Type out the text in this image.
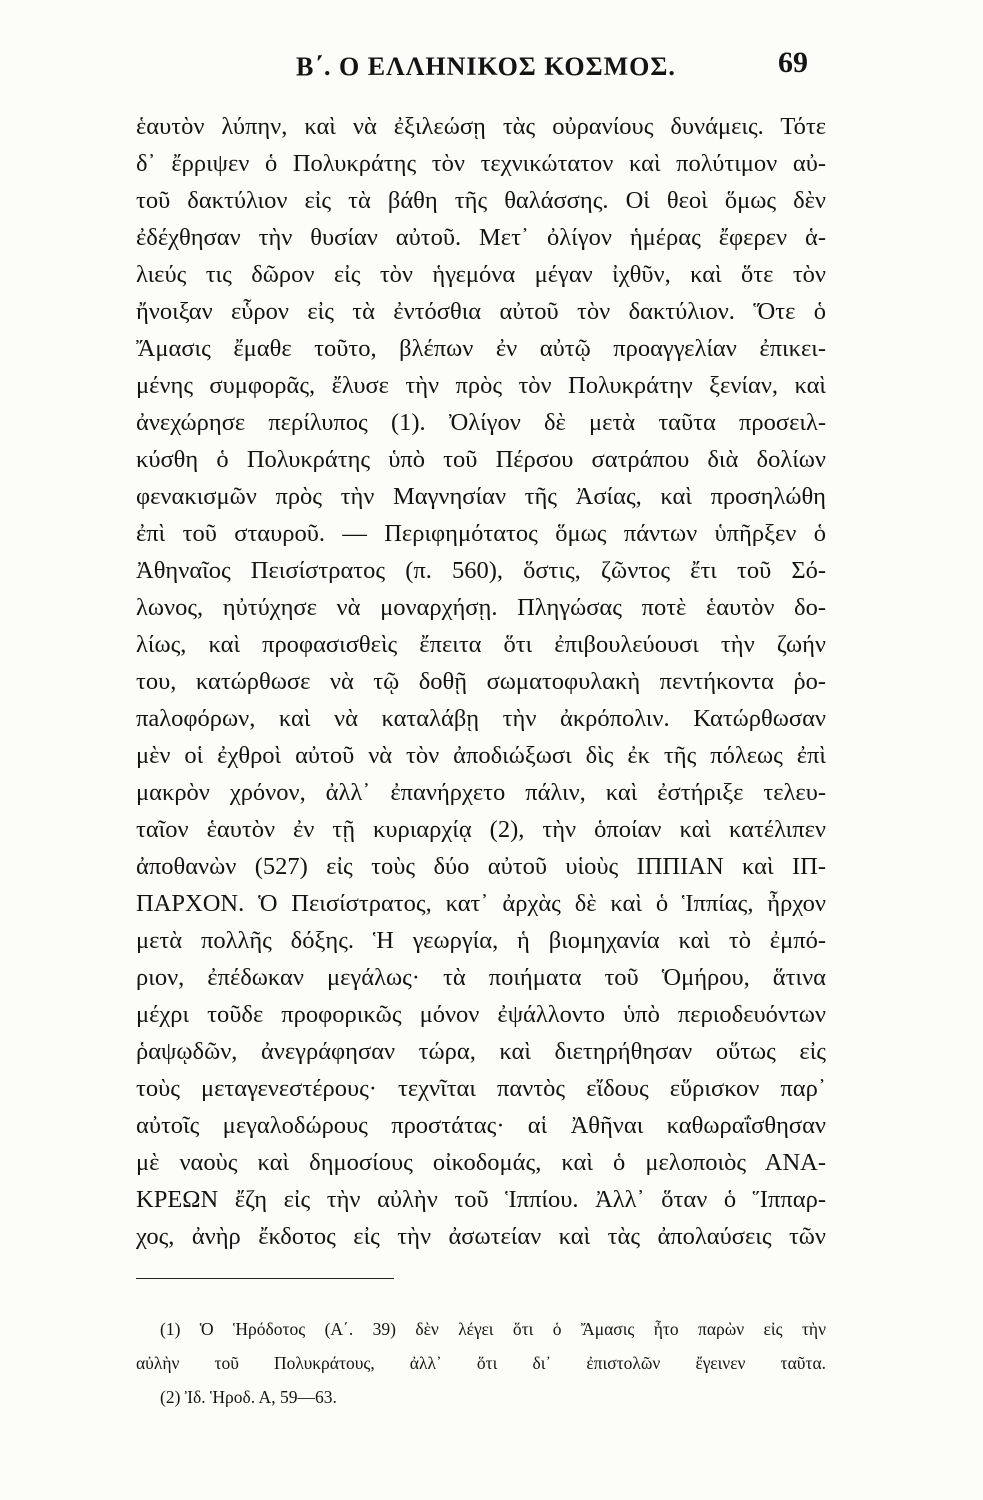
Β΄. Ο ΕΛΛΗΝΙΚΟΣ ΚΟΣΜΟΣ.	69
ἑαυτὸν λύπην, καὶ νὰ ἐξιλεώσῃ τὰς οὐρανίους δυνάμεις. Τότε
δ᾽ ἔρριψεν ὁ Πολυκράτης τὸν τεχνικώτατον καὶ πολύτιμον αὐ-
τοῦ δακτύλιον εἰς τὰ βάθη τῆς θαλάσσης. Οἱ θεοὶ ὅμως δὲν
ἐδέχθησαν τὴν θυσίαν αὐτοῦ. Μετ᾽ ὀλίγον ἡμέρας ἔφερεν ἁ-
λιεύς τις δῶρον εἰς τὸν ἡγεμόνα μέγαν ἰχθῦν, καὶ ὅτε τὸν
ἤνοιξαν εὗρον εἰς τὰ ἐντόσθια αὐτοῦ τὸν δακτύλιον. Ὅτε ὁ
Ἄμασις ἔμαθε τοῦτο, βλέπων ἐν αὐτῷ προαγγελίαν ἐπικει-
μένης συμφορᾶς, ἔλυσε τὴν πρὸς τὸν Πολυκράτην ξενίαν, καὶ
ἀνεχώρησε περίλυπος (1). Ὀλίγον δὲ μετὰ ταῦτα προσειλ-
κύσθη ὁ Πολυκράτης ὑπὸ τοῦ Πέρσου σατράπου διὰ δολίων
φενακισμῶν πρὸς τὴν Μαγνησίαν τῆς Ἀσίας, καὶ προσηλώθη
ἐπὶ τοῦ σταυροῦ. — Περιφημότατος ὅμως πάντων ὑπῆρξεν ὁ
Ἀθηναῖος Πεισίστρατος (π. 560), ὅστις, ζῶντος ἔτι τοῦ Σό-
λωνος, ηὐτύχησε νὰ μοναρχήσῃ. Πληγώσας ποτὲ ἑαυτὸν δο-
λίως, καὶ προφασισθεὶς ἔπειτα ὅτι ἐπιβουλεύουσι τὴν ζωήν
του, κατώρθωσε νὰ τῷ δοθῇ σωματοφυλακὴ πεντήκοντα ῥο-
πaλοφόρων, καὶ νὰ καταλάβῃ τὴν ἀκρόπολιν. Κατώρθωσαν
μὲν οἱ ἐχθροὶ αὐτοῦ νὰ τὸν ἀποδιώξωσι δὶς ἐκ τῆς πόλεως ἐπὶ
μακρὸν χρόνον, ἀλλ᾽ ἐπανήρχετο πάλιν, καὶ ἐστήριξε τελευ-
ταῖον ἑαυτὸν ἐν τῇ κυριαρχίᾳ (2), τὴν ὁποίαν καὶ κατέλιπεν
ἀποθανὼν (527) εἰς τοὺς δύο αὐτοῦ υἱοὺς ΙΠΠΙΑΝ καὶ ΙΠ-
ΠΑΡΧΟΝ. Ὁ Πεισίστρατος, κατ᾽ ἀρχὰς δὲ καὶ ὁ Ἱππίας, ἦρχον
μετὰ πολλῆς δόξης. Ἡ γεωργία, ἡ βιομηχανία καὶ τὸ ἐμπό-
ριον, ἐπέδωκαν μεγάλως· τὰ ποιήματα τοῦ Ὁμήρου, ἅτινα
μέχρι τοῦδε προφορικῶς μόνον ἐψάλλοντο ὑπὸ περιοδευόντων
ῥαψῳδῶν, ἀνεγράφησαν τώρα, καὶ διετηρήθησαν οὕτως εἰς
τοὺς μεταγενεστέρους· τεχνῖται παντὸς εἴδους εὕρισκον παρ᾽
αὐτοῖς μεγαλοδώρους προστάτας· αἱ Ἀθῆναι καθωραΐσθησαν
μὲ ναοὺς καὶ δημοσίους οἰκοδομάς, καὶ ὁ μελοποιὸς ΑΝΑ-
ΚΡΕΩΝ ἔζη εἰς τὴν αὐλὴν τοῦ Ἱππίου. Ἀλλ᾽ ὅταν ὁ Ἵππαρ-
χος, ἀνὴρ ἔκδοτος εἰς τὴν ἀσωτείαν καὶ τὰς ἀπολαύσεις τῶν
(1) Ὁ Ἡρόδοτος (Α΄. 39) δὲν λέγει ὅτι ὁ Ἄμασις ἦτο παρὼν εἰς τὴν
αὐλὴν τοῦ Πολυκράτους, ἀλλ᾽ ὅτι δι᾽ ἐπιστολῶν ἔγεινεν ταῦτα.
(2) Ἰδ. Ἡροδ. Α, 59—63.
